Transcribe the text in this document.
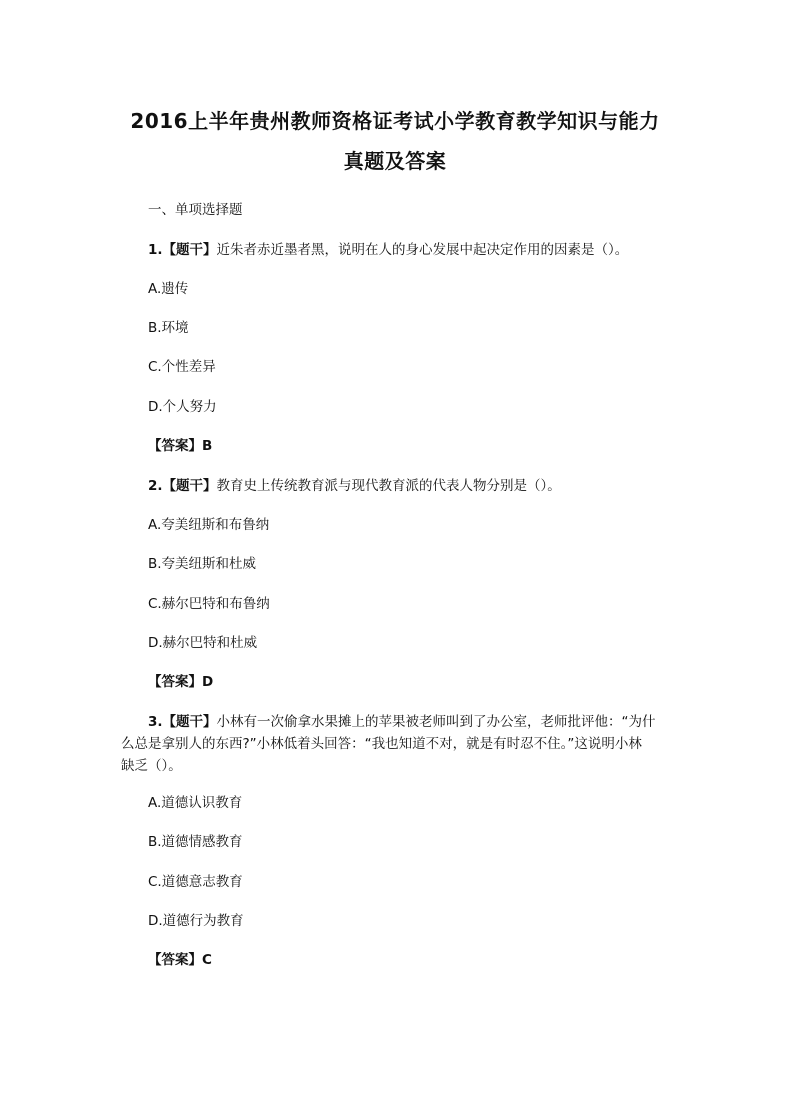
2016上半年贵州教师资格证考试小学教育教学知识与能力
真题及答案
一、单项选择题
1.【题干】近朱者赤近墨者黑，说明在人的身心发展中起决定作用的因素是（）。
A.遗传
B.环境
C.个性差异
D.个人努力
【答案】B
2.【题干】教育史上传统教育派与现代教育派的代表人物分别是（）。
A.夸美纽斯和布鲁纳
B.夸美纽斯和杜威
C.赫尔巴特和布鲁纳
D.赫尔巴特和杜威
【答案】D
3.【题干】小林有一次偷拿水果摊上的苹果被老师叫到了办公室，老师批评他：“为什
么总是拿别人的东西?”小林低着头回答：“我也知道不对，就是有时忍不住。”这说明小林
缺乏（）。
A.道德认识教育
B.道德情感教育
C.道德意志教育
D.道德行为教育
【答案】C
